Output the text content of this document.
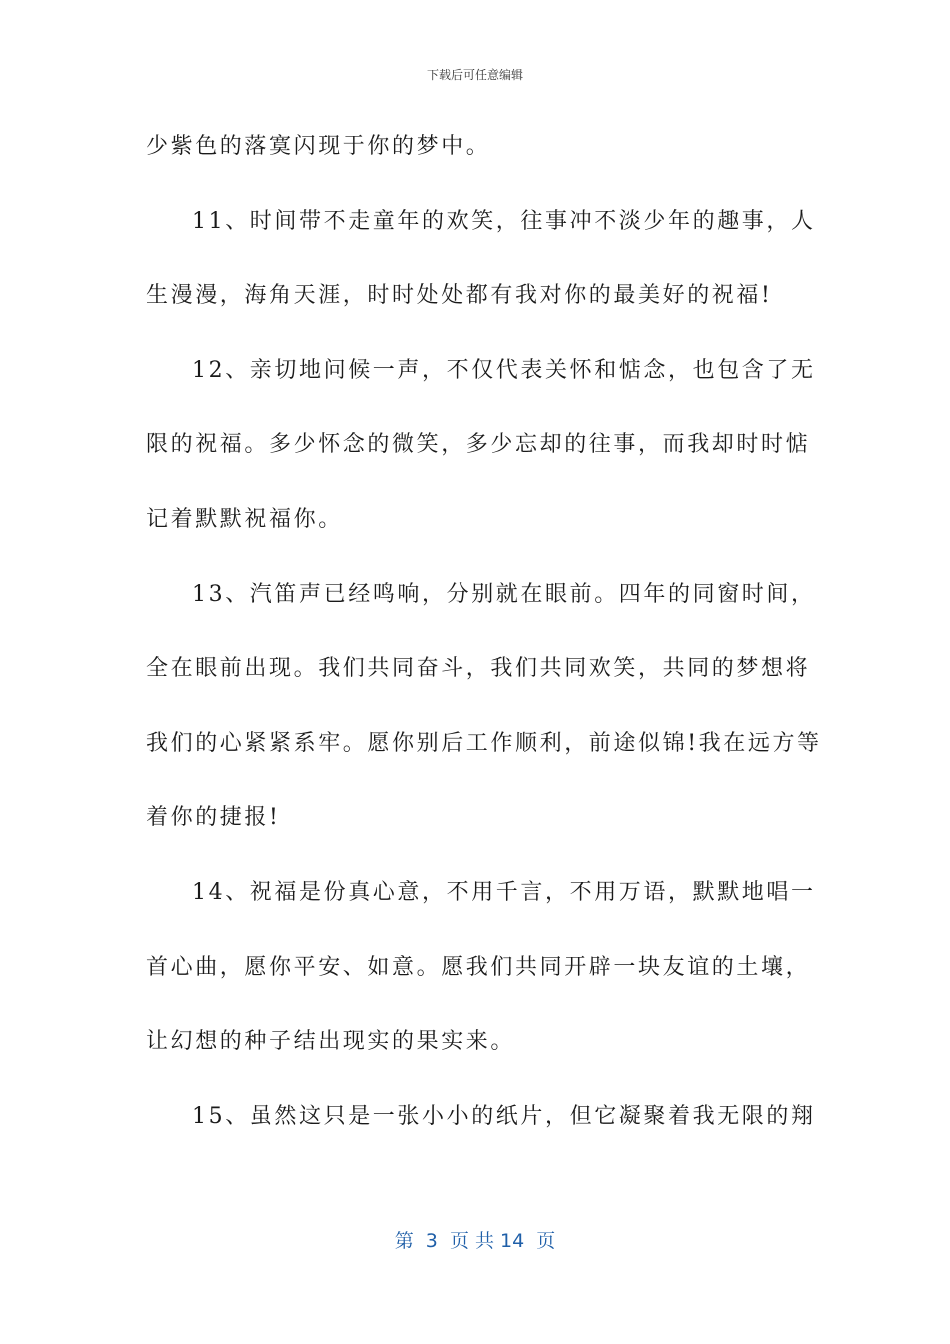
下载后可任意编辑
少紫色的落寞闪现于你的梦中。
11、时间带不走童年的欢笑，往事冲不淡少年的趣事，人
生漫漫，海角天涯，时时处处都有我对你的最美好的祝福!
12、亲切地问候一声，不仅代表关怀和惦念，也包含了无
限的祝福。多少怀念的微笑，多少忘却的往事，而我却时时惦
记着默默祝福你。
13、汽笛声已经鸣响，分别就在眼前。四年的同窗时间，
全在眼前出现。我们共同奋斗，我们共同欢笑，共同的梦想将
我们的心紧紧系牢。愿你别后工作顺利，前途似锦!我在远方等
着你的捷报!
14、祝福是份真心意，不用千言，不用万语，默默地唱一
首心曲，愿你平安、如意。愿我们共同开辟一块友谊的土壤，
让幻想的种子结出现实的果实来。
15、虽然这只是一张小小的纸片，但它凝聚着我无限的翔
第  3  页 共 14  页
